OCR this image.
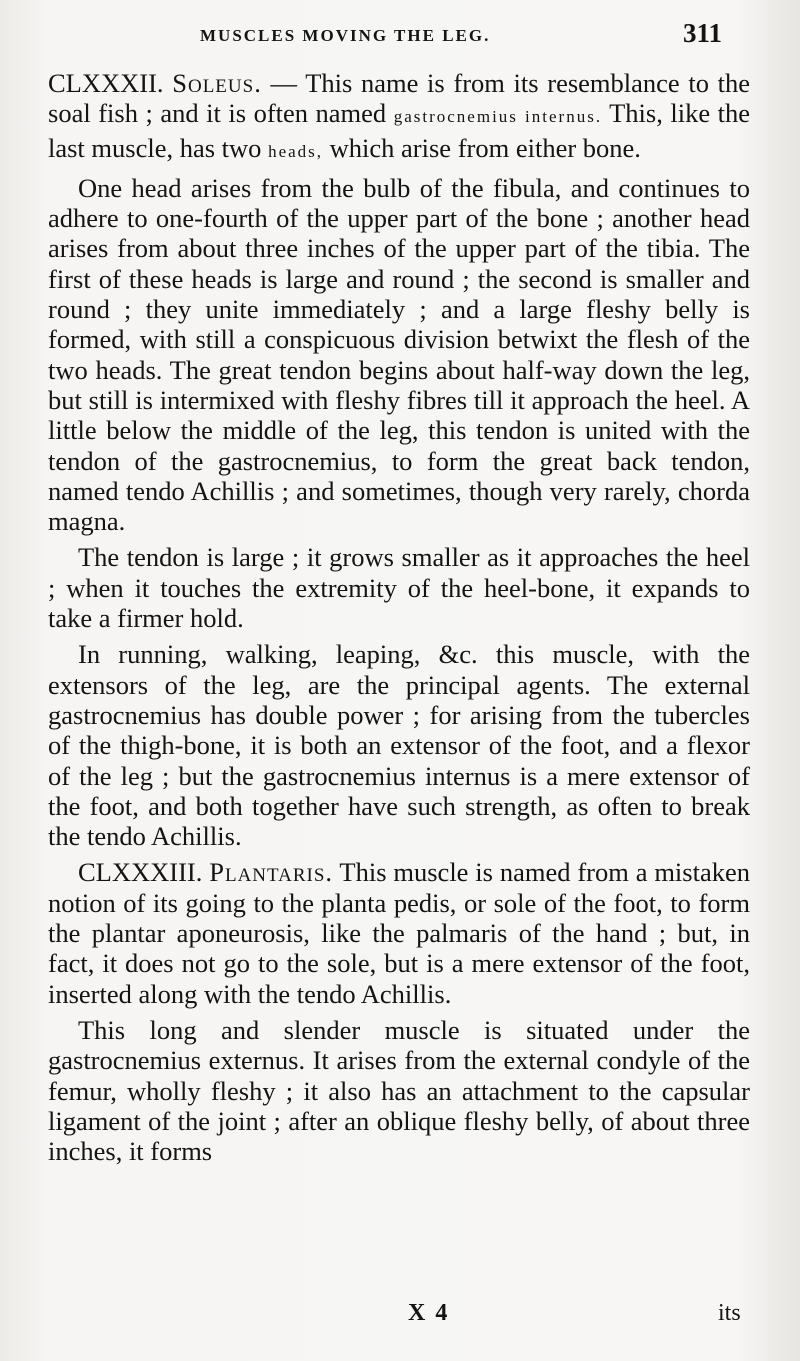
MUSCLES MOVING THE LEG.	311

CLXXXII. Soleus. — This name is from its resemblance to the soal fish ; and it is often named gastrocnemius internus. This, like the last muscle, has two heads, which arise from either bone.

One head arises from the bulb of the fibula, and continues to adhere to one-fourth of the upper part of the bone ; another head arises from about three inches of the upper part of the tibia. The first of these heads is large and round ; the second is smaller and round ; they unite immediately ; and a large fleshy belly is formed, with still a conspicuous division betwixt the flesh of the two heads. The great tendon begins about half-way down the leg, but still is intermixed with fleshy fibres till it approach the heel. A little below the middle of the leg, this tendon is united with the tendon of the gastrocnemius, to form the great back tendon, named tendo Achillis ; and sometimes, though very rarely, chorda magna.

The tendon is large ; it grows smaller as it approaches the heel ; when it touches the extremity of the heel-bone, it expands to take a firmer hold.

In running, walking, leaping, &c. this muscle, with the extensors of the leg, are the principal agents. The external gastrocnemius has double power ; for arising from the tubercles of the thigh-bone, it is both an extensor of the foot, and a flexor of the leg ; but the gastrocnemius internus is a mere extensor of the foot, and both together have such strength, as often to break the tendo Achillis.

CLXXXIII. Plantaris. This muscle is named from a mistaken notion of its going to the planta pedis, or sole of the foot, to form the plantar aponeurosis, like the palmaris of the hand ; but, in fact, it does not go to the sole, but is a mere extensor of the foot, inserted along with the tendo Achillis.

This long and slender muscle is situated under the gastrocnemius externus. It arises from the external condyle of the femur, wholly fleshy ; it also has an attachment to the capsular ligament of the joint ; after an oblique fleshy belly, of about three inches, it forms

X 4	its
